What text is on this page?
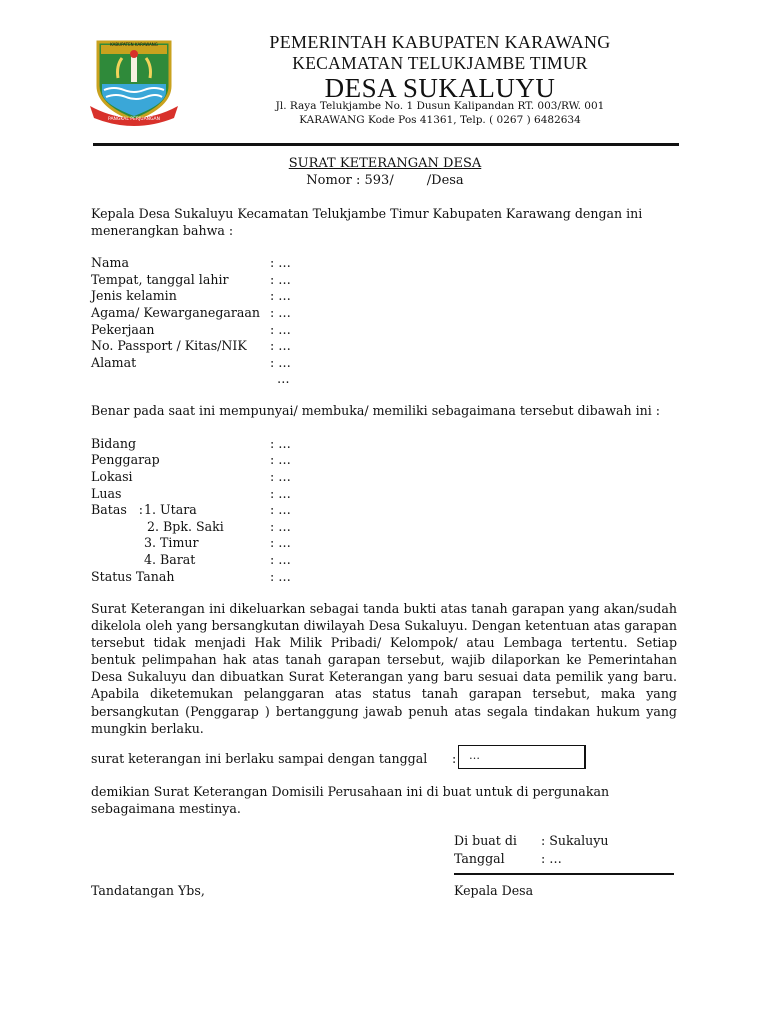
KABUPATEN KARAWANG
PANGKAL PERJUANGAN
PEMERINTAH KABUPATEN KARAWANG
KECAMATAN TELUKJAMBE TIMUR
DESA SUKALUYU
Jl. Raya Telukjambe No. 1 Dusun Kalipandan RT. 003/RW. 001
KARAWANG Kode Pos 41361, Telp. ( 0267 ) 6482634
SURAT KETERANGAN DESA
Nomor : 593/        /Desa
Kepala Desa Sukaluyu Kecamatan Telukjambe Timur Kabupaten Karawang dengan ini menerangkan bahwa :
Nama	: …
Tempat, tanggal lahir	: …
Jenis kelamin	: …
Agama/ Kewarganegaraan : …
Pekerjaan	: …
No. Passport / Kitas/NIK : …
Alamat	: …
…
Benar pada saat ini mempunyai/ membuka/ memiliki sebagaimana tersebut dibawah ini :
Bidang	: …
Penggarap	: …
Lokasi	: …
Luas	: …
Batas   : 1. Utara	: …
2. Bpk. Saki	: …
3. Timur	: …
4. Barat	: …
Status Tanah	: …
Surat Keterangan ini dikeluarkan sebagai tanda bukti atas tanah garapan yang akan/sudah dikelola oleh yang bersangkutan diwilayah Desa Sukaluyu. Dengan ketentuan atas garapan tersebut tidak menjadi Hak Milik Pribadi/ Kelompok/ atau Lembaga tertentu. Setiap bentuk pelimpahan hak atas tanah garapan tersebut, wajib dilaporkan ke Pemerintahan Desa Sukaluyu dan dibuatkan Surat Keterangan yang baru sesuai data pemilik yang baru. Apabila diketemukan pelanggaran atas status tanah garapan tersebut, maka yang bersangkutan (Penggarap ) bertanggung jawab penuh atas segala tindakan hukum yang mungkin berlaku.
surat keterangan ini berlaku sampai dengan tanggal :	…
demikian Surat Keterangan Domisili Perusahaan ini di buat untuk di pergunakan sebagaimana mestinya.
Di buat di : Sukaluyu
Tanggal	: …
Tandatangan Ybs,	Kepala Desa
